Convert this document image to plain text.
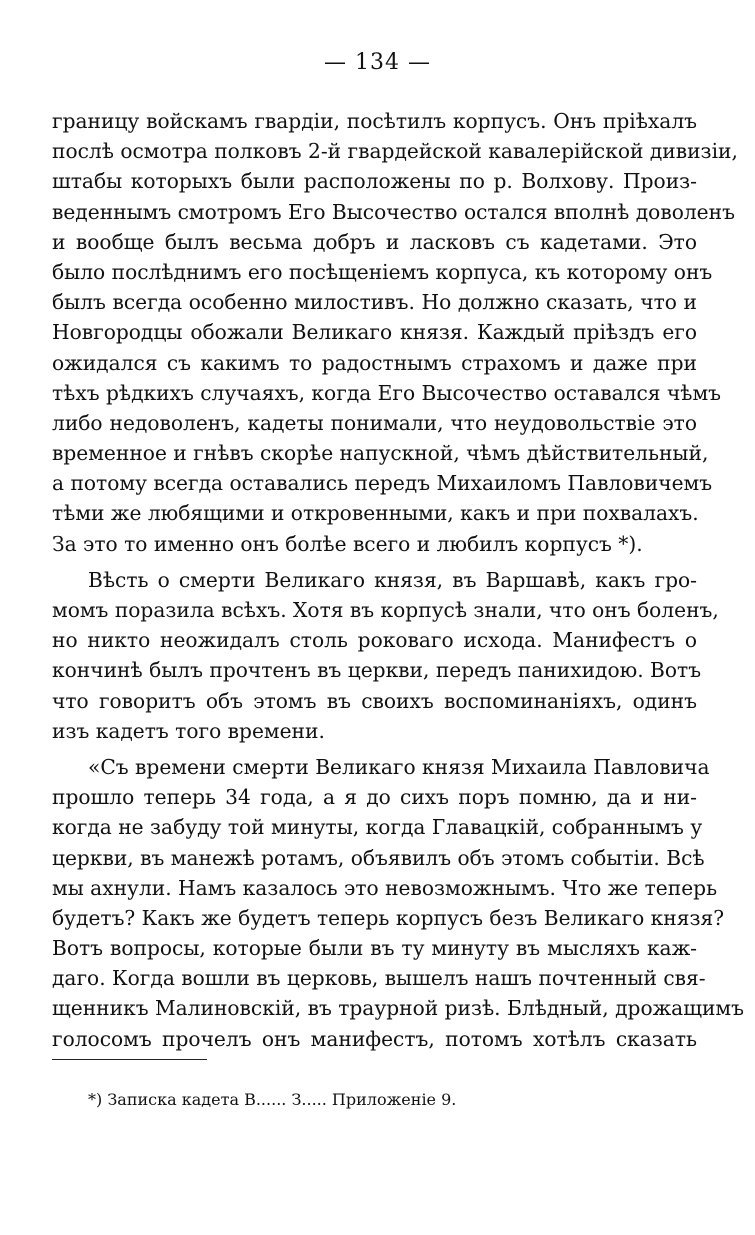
— 134 —
границу войскамъ гвардіи, посѣтилъ корпусъ. Онъ пріѣхалъ
послѣ осмотра полковъ 2-й гвардейской кавалерійской дивизіи,
штабы которыхъ были расположены по р. Волхову. Произ-
веденнымъ смотромъ Его Высочество остался вполнѣ доволенъ
и вообще былъ весьма добръ и ласковъ съ кадетами. Это
было послѣднимъ его посѣщеніемъ корпуса, къ которому онъ
былъ всегда особенно милостивъ. Но должно сказать, что и
Новгородцы обожали Великаго князя. Каждый пріѣздъ его
ожидался съ какимъ то радостнымъ страхомъ и даже при
тѣхъ рѣдкихъ случаяхъ, когда Его Высочество оставался чѣмъ
либо недоволенъ, кадеты понимали, что неудовольствіе это
временное и гнѣвъ скорѣе напускной, чѣмъ дѣйствительный,
а потому всегда оставались передъ Михаиломъ Павловичемъ
тѣми же любящими и откровенными, какъ и при похвалахъ.
За это то именно онъ болѣе всего и любилъ корпусъ *).
Вѣсть о смерти Великаго князя, въ Варшавѣ, какъ гро-
момъ поразила всѣхъ. Хотя въ корпусѣ знали, что онъ боленъ,
но никто неожидалъ столь роковаго исхода. Манифестъ о
кончинѣ былъ прочтенъ въ церкви, передъ панихидою. Вотъ
что говоритъ объ этомъ въ своихъ воспоминаніяхъ, одинъ
изъ кадетъ того времени.
«Съ времени смерти Великаго князя Михаила Павловича
прошло теперь 34 года, а я до сихъ поръ помню, да и ни-
когда не забуду той минуты, когда Главацкій, собраннымъ у
церкви, въ манежѣ ротамъ, объявилъ объ этомъ событіи. Всѣ
мы ахнули. Намъ казалось это невозможнымъ. Что же теперь
будетъ? Какъ же будетъ теперь корпусъ безъ Великаго князя?
Вотъ вопросы, которые были въ ту минуту въ мысляхъ каж-
даго. Когда вошли въ церковь, вышелъ нашъ почтенный свя-
щенникъ Малиновскій, въ траурной ризѣ. Блѣдный, дрожащимъ
голосомъ прочелъ онъ манифестъ, потомъ хотѣлъ сказать
*) Записка кадета В...... З..... Приложеніе 9.
